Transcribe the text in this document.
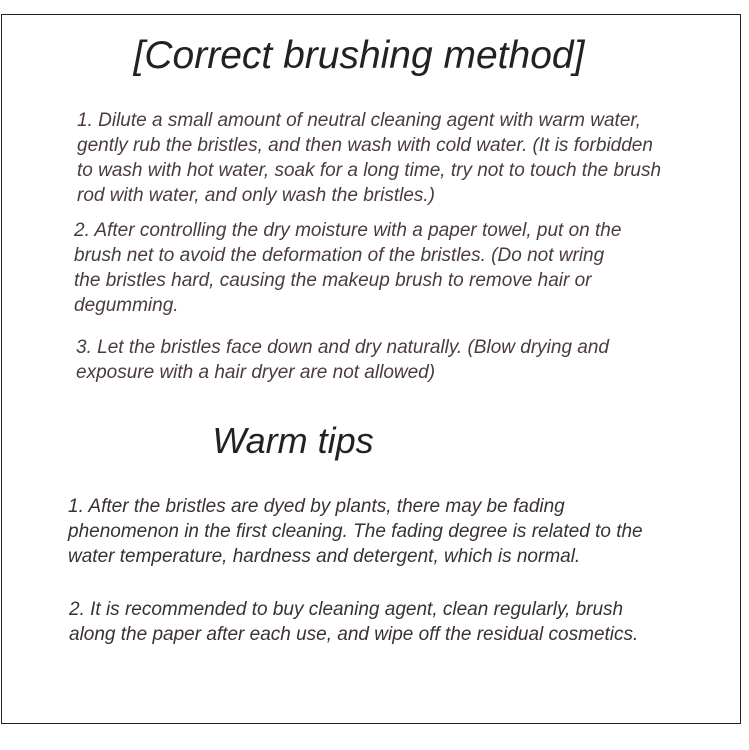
[Correct brushing method]

1. Dilute a small amount of neutral cleaning agent with warm water, gently rub the bristles, and then wash with cold water. (It is forbidden to wash with hot water, soak for a long time, try not to touch the brush rod with water, and only wash the bristles.)

2. After controlling the dry moisture with a paper towel, put on the brush net to avoid the deformation of the bristles. (Do not wring the bristles hard, causing the makeup brush to remove hair or degumming.

3. Let the bristles face down and dry naturally. (Blow drying and exposure with a hair dryer are not allowed)

Warm tips

1. After the bristles are dyed by plants, there may be fading phenomenon in the first cleaning. The fading degree is related to the water temperature, hardness and detergent, which is normal.

2. It is recommended to buy cleaning agent, clean regularly, brush along the paper after each use, and wipe off the residual cosmetics.
